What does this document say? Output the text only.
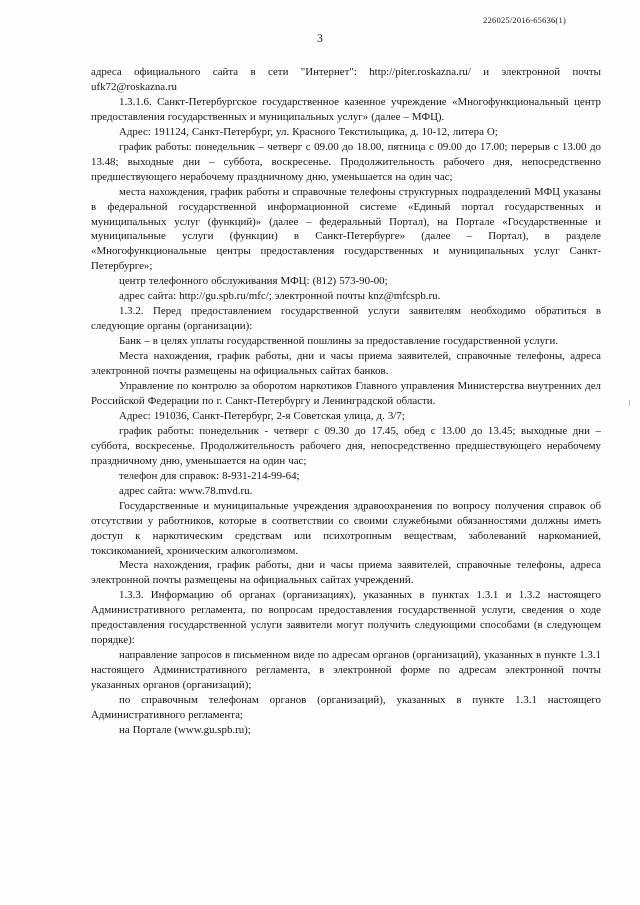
226025/2016-65636(1)
3

адреса официального сайта в сети "Интернет": http://piter.roskazna.ru/ и электронной почты ufk72@roskazna.ru

1.3.1.6. Санкт-Петербургское государственное казенное учреждение «Многофункциональный центр предоставления государственных и муниципальных услуг» (далее – МФЦ).

Адрес: 191124, Санкт-Петербург, ул. Красного Текстильщика, д. 10-12, литера О;

график работы: понедельник – четверг с 09.00 до 18.00, пятница с 09.00 до 17.00; перерыв с 13.00 до 13.48; выходные дни – суббота, воскресенье. Продолжительность рабочего дня, непосредственно предшествующего нерабочему праздничному дню, уменьшается на один час;

места нахождения, график работы и справочные телефоны структурных подразделений МФЦ указаны в федеральной государственной информационной системе «Единый портал государственных и муниципальных услуг (функций)» (далее – федеральный Портал), на Портале «Государственные и муниципальные услуги (функции) в Санкт-Петербурге» (далее – Портал), в разделе «Многофункциональные центры предоставления государственных и муниципальных услуг Санкт-Петербурге»;

центр телефонного обслуживания МФЦ: (812) 573-90-00;

адрес сайта: http://gu.spb.ru/mfc/; электронной почты knz@mfcspb.ru.

1.3.2. Перед предоставлением государственной услуги заявителям необходимо обратиться в следующие органы (организации):

Банк – в целях уплаты государственной пошлины за предоставление государственной услуги.

Места нахождения, график работы, дни и часы приема заявителей, справочные телефоны, адреса электронной почты размещены на официальных сайтах банков.

Управление по контролю за оборотом наркотиков Главного управления Министерства внутренних дел Российской Федерации по г. Санкт-Петербургу и Ленинградской области.

Адрес: 191036, Санкт-Петербург, 2-я Советская улица, д. 3/7;

график работы: понедельник - четверг с 09.30 до 17.45, обед с 13.00 до 13.45; выходные дни – суббота, воскресенье. Продолжительность рабочего дня, непосредственно предшествующего нерабочему праздничному дню, уменьшается на один час;

телефон для справок: 8-931-214-99-64;

адрес сайта: www.78.mvd.ru.

Государственные и муниципальные учреждения здравоохранения по вопросу получения справок об отсутствии у работников, которые в соответствии со своими служебными обязанностями должны иметь доступ к наркотическим средствам или психотропным веществам, заболеваний наркоманией, токсикоманией, хроническим алкоголизмом.

Места нахождения, график работы, дни и часы приема заявителей, справочные телефоны, адреса электронной почты размещены на официальных сайтах учреждений.

1.3.3. Информацию об органах (организациях), указанных в пунктах 1.3.1 и 1.3.2 настоящего Административного регламента, по вопросам предоставления государственной услуги, сведения о ходе предоставления государственной услуги заявители могут получить следующими способами (в следующем порядке):

направление запросов в письменном виде по адресам органов (организаций), указанных в пункте 1.3.1 настоящего Административного регламента, в электронной форме по адресам электронной почты указанных органов (организаций);

по справочным телефонам органов (организаций), указанных в пункте 1.3.1 настоящего Административного регламента;

на Портале (www.gu.spb.ru);
